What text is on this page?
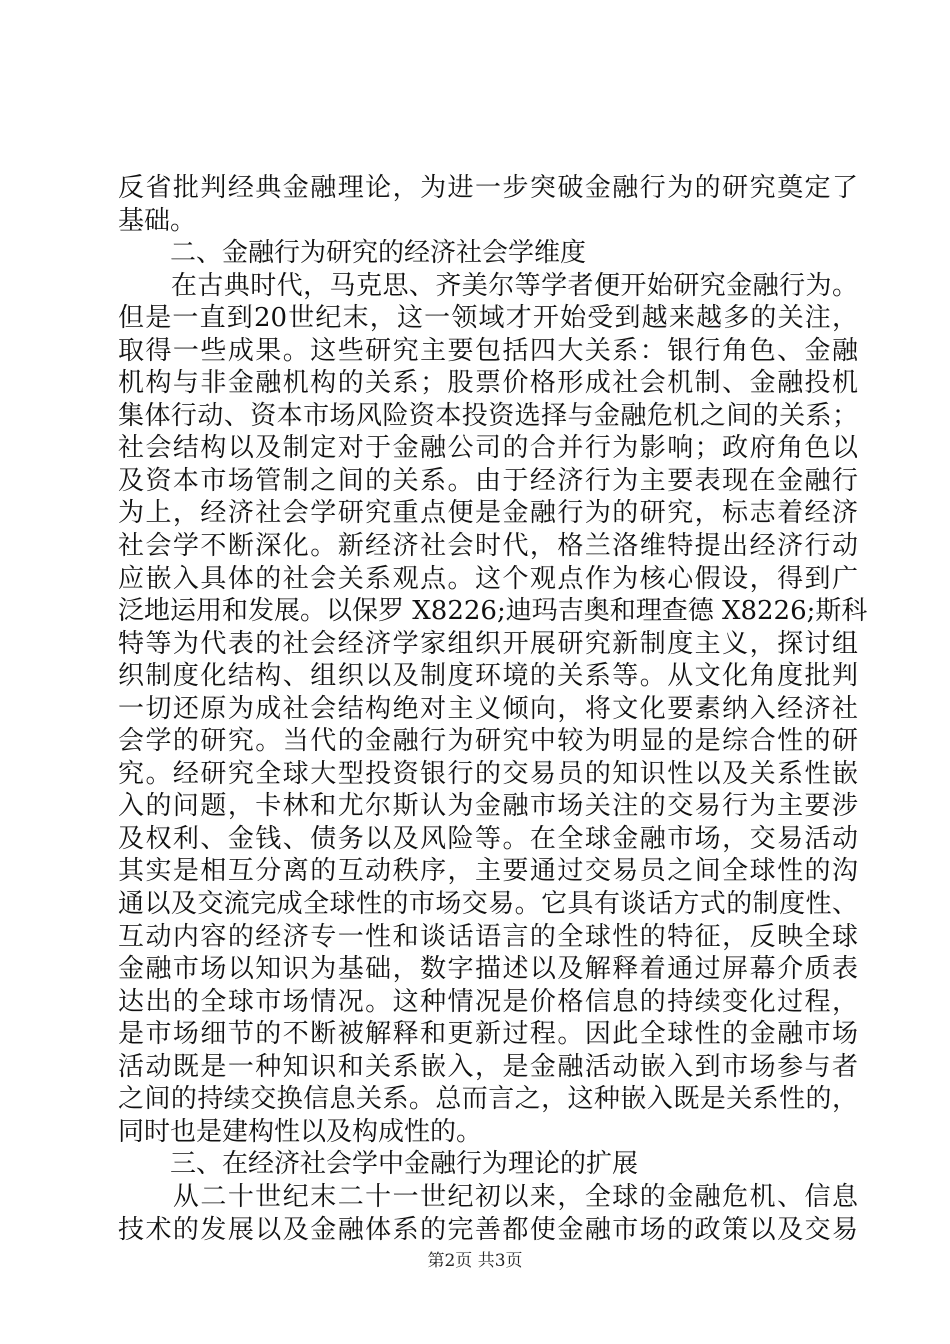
反省批判经典金融理论，为进一步突破金融行为的研究奠定了
基础。
　　二、金融行为研究的经济社会学维度
　　在古典时代，马克思、齐美尔等学者便开始研究金融行为。
但是一直到20世纪末，这一领域才开始受到越来越多的关注，
取得一些成果。这些研究主要包括四大关系：银行角色、金融
机构与非金融机构的关系；股票价格形成社会机制、金融投机
集体行动、资本市场风险资本投资选择与金融危机之间的关系；
社会结构以及制定对于金融公司的合并行为影响；政府角色以
及资本市场管制之间的关系。由于经济行为主要表现在金融行
为上，经济社会学研究重点便是金融行为的研究，标志着经济
社会学不断深化。新经济社会时代，格兰洛维特提出经济行动
应嵌入具体的社会关系观点。这个观点作为核心假设，得到广
泛地运用和发展。以保罗 X8226;迪玛吉奥和理查德 X8226;斯科
特等为代表的社会经济学家组织开展研究新制度主义，探讨组
织制度化结构、组织以及制度环境的关系等。从文化角度批判
一切还原为成社会结构绝对主义倾向，将文化要素纳入经济社
会学的研究。当代的金融行为研究中较为明显的是综合性的研
究。经研究全球大型投资银行的交易员的知识性以及关系性嵌
入的问题，卡林和尤尔斯认为金融市场关注的交易行为主要涉
及权利、金钱、债务以及风险等。在全球金融市场，交易活动
其实是相互分离的互动秩序，主要通过交易员之间全球性的沟
通以及交流完成全球性的市场交易。它具有谈话方式的制度性、
互动内容的经济专一性和谈话语言的全球性的特征，反映全球
金融市场以知识为基础，数字描述以及解释着通过屏幕介质表
达出的全球市场情况。这种情况是价格信息的持续变化过程，
是市场细节的不断被解释和更新过程。因此全球性的金融市场
活动既是一种知识和关系嵌入，是金融活动嵌入到市场参与者
之间的持续交换信息关系。总而言之，这种嵌入既是关系性的，
同时也是建构性以及构成性的。
　　三、在经济社会学中金融行为理论的扩展
　　从二十世纪末二十一世纪初以来，全球的金融危机、信息
技术的发展以及金融体系的完善都使金融市场的政策以及交易
第2页 共3页
